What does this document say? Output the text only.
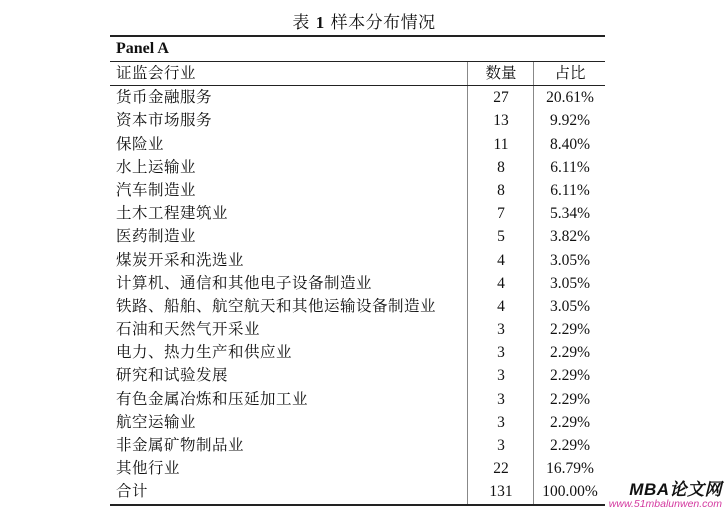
表 1 样本分布情况
Panel A
证监会行业	数量	占比
货币金融服务	27	20.61%
资本市场服务	13	9.92%
保险业	11	8.40%
水上运输业	8	6.11%
汽车制造业	8	6.11%
土木工程建筑业	7	5.34%
医药制造业	5	3.82%
煤炭开采和洗选业	4	3.05%
计算机、通信和其他电子设备制造业	4	3.05%
铁路、船舶、航空航天和其他运输设备制造业	4	3.05%
石油和天然气开采业	3	2.29%
电力、热力生产和供应业	3	2.29%
研究和试验发展	3	2.29%
有色金属冶炼和压延加工业	3	2.29%
航空运输业	3	2.29%
非金属矿物制品业	3	2.29%
其他行业	22	16.79%
合计	131	100.00%	MBA论文网
www.51mbalunwen.com
